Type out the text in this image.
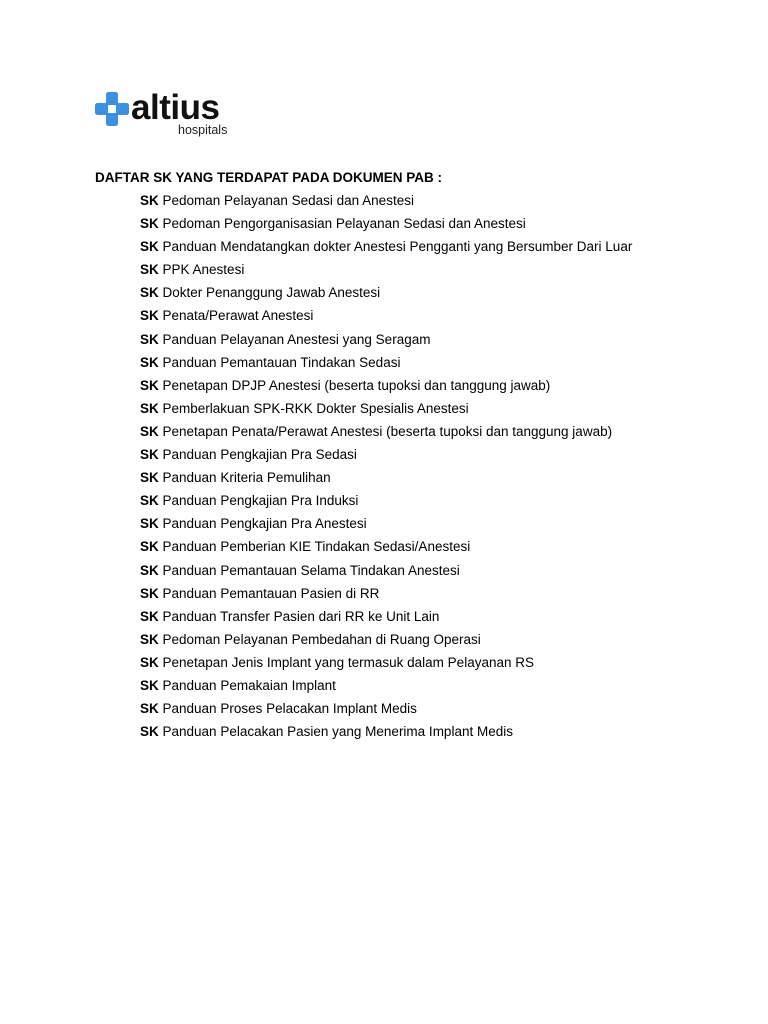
altius
hospitals
DAFTAR SK YANG TERDAPAT PADA DOKUMEN PAB :
SK Pedoman Pelayanan Sedasi dan Anestesi
SK Pedoman Pengorganisasian Pelayanan Sedasi dan Anestesi
SK Panduan Mendatangkan dokter Anestesi Pengganti yang Bersumber Dari Luar
SK PPK Anestesi
SK Dokter Penanggung Jawab Anestesi
SK Penata/Perawat Anestesi
SK Panduan Pelayanan Anestesi yang Seragam
SK Panduan Pemantauan Tindakan Sedasi
SK Penetapan DPJP Anestesi (beserta tupoksi dan tanggung jawab)
SK Pemberlakuan SPK-RKK Dokter Spesialis Anestesi
SK Penetapan Penata/Perawat Anestesi (beserta tupoksi dan tanggung jawab)
SK Panduan Pengkajian Pra Sedasi
SK Panduan Kriteria Pemulihan
SK Panduan Pengkajian Pra Induksi
SK Panduan Pengkajian Pra Anestesi
SK Panduan Pemberian KIE Tindakan Sedasi/Anestesi
SK Panduan Pemantauan Selama Tindakan Anestesi
SK Panduan Pemantauan Pasien di RR
SK Panduan Transfer Pasien dari RR ke Unit Lain
SK Pedoman Pelayanan Pembedahan di Ruang Operasi
SK Penetapan Jenis Implant yang termasuk dalam Pelayanan RS
SK Panduan Pemakaian Implant
SK Panduan Proses Pelacakan Implant Medis
SK Panduan Pelacakan Pasien yang Menerima Implant Medis
